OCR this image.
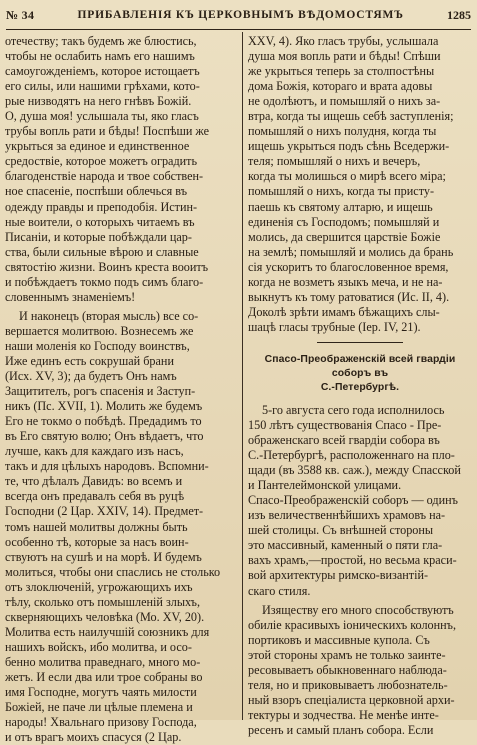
№ 34	ПРИБАВЛЕНІЯ КЪ ЦЕРКОВНЫМЪ ВѢДОМОСТЯМЪ	1285
отечеству; такъ будемъ же блюстись,
чтобы не ослабить намъ его нашимъ
самоугожденіемъ, которое истощаетъ
его силы, или нашими грѣхами, кото-
рые низводятъ на него гнѣвъ Божій.
О, душа моя! услышала ты, яко гласъ
трубы вопль рати и бѣды! Поспѣши же
укрыться за единое и единственное
средоствіе, которое можетъ оградить
благоденствіе народа и твое собствен-
ное спасеніе, поспѣши облечься въ
одежду правды и преподобія. Истин-
ные воители, о которыхъ читаемъ въ
Писаніи, и которые побѣждали цар-
ства, были сильные вѣрою и славные
святостію жизни. Воинъ креста вооитъ
и побѣждаетъ токмо подъ симъ благо-
словеннымъ знаменіемъ!
И наконецъ (вторая мысль) все со-
вершается молитвою. Вознесемъ же
наши моленія ко Господу воинствъ,
Иже единъ есть сокрушай брани
(Исх. XV, 3); да будетъ Онъ намъ
Защитителъ, рогъ спасенія и Заступ-
никъ (Пс. XVII, 1). Молить же будемъ
Его не токмо о побѣдѣ. Предадимъ то
въ Его святую волю; Онъ вѣдаетъ, что
лучше, какъ для каждаго изъ насъ,
такъ и для цѣлыхъ народовъ. Вспомни-
те, что дѣлалъ Давидъ: во всемъ и
всегда онъ предавалъ себя въ руцѣ
Господни (2 Цар. XXIV, 14). Предмет-
томъ нашей молитвы должны быть
особенно тѣ, которые за насъ воин-
ствуютъ на сушѣ и на морѣ. И будемъ
молиться, чтобы они спаслись не столько
отъ злоключеній, угрожающихъ ихъ
тѣлу, сколько отъ помышленій злыхъ,
скверняющихъ человѣка (Мо. XV, 20).
Молитва есть наилучшій союзникъ для
нашихъ войскъ, ибо молитва, и осо-
бенно молитва праведнаго, много мо-
жетъ. И если два или трое собраны во
имя Господне, могутъ чаять милости
Божіей, не паче ли цѣлые племена и
народы! Хвальнаго призову Господа,
и отъ врагъ моихъ спасуся (2 Цар.
XXV, 4). Яко гласъ трубы, услышала
душа моя вопль рати и бѣды! Спѣши
же укрыться теперь за столпостѣны
дома Божія, котораго и врата адовы
не одолѣютъ, и помышляй о нихъ за-
втра, когда ты ищешь себѣ заступленія;
помышляй о нихъ полудня, когда ты
ищешь укрыться подъ сѣнь Вседержи-
теля; помышляй о нихъ и вечеръ,
когда ты молишься о мирѣ всего міра;
помышляй о нихъ, когда ты присту-
паешь къ святому алтарю, и ищешь
единенія съ Господомъ; помышляй и
молись, да свершится царствіе Божіе
на землѣ; помышляй и молись да брань
сія ускоритъ то благословенное время,
когда не возметъ языкъ меча, и не на-
выкнутъ къ тому ратоватися (Ис. II, 4).
Доколѣ зрѣти имамъ бѣжащихъ слы-
шацѣ гласы трубные (Iер. IV, 21).
Спасо-Преображенскій всей гвардіи соборъ въ
С.-Петербургѣ.
5-го августа сего года исполнилось
150 лѣтъ существованія Спасо - Пре-
ображенскаго всей гвардіи собора въ
С.-Петербургѣ, расположеннаго на пло-
щади (въ 3588 кв. саж.), между Спасской
и Пантелеймонской улицами.
Спасо-Преображенскій соборъ — одинъ
изъ величественнѣйшихъ храмовъ на-
шей столицы. Съ внѣшней стороны
это массивный, каменный о пяти гла-
вахъ храмъ,—простой, но весьма краси-
вой архитектуры римско-византій-
скаго стиля.
Изяществу его много способствуютъ
обиліе красивыхъ іоническихъ колоннъ,
портиковъ и массивные купола. Съ
этой стороны храмъ не только заинте-
ресовываетъ обыкновеннаго наблюда-
теля, но и приковываетъ любознатель-
ный взоръ спеціалиста церковной архи-
тектуры и зодчества. Не менѣе инте-
ресенъ и самый планъ собора. Если
